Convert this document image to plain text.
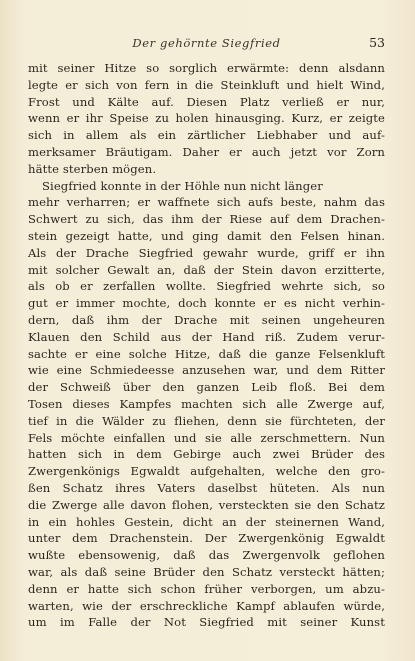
Der gehörnte Siegfried	53
mit seiner Hitze so sorglich erwärmte: denn alsdann
legte er sich von fern in die Steinkluft und hielt Wind,
Frost und Kälte auf. Diesen Platz verließ er nur,
wenn er ihr Speise zu holen hinausging. Kurz, er zeigte
sich in allem als ein zärtlicher Liebhaber und auf-
merksamer Bräutigam. Daher er auch jetzt vor Zorn
hätte sterben mögen.
Siegfried konnte in der Höhle nun nicht länger
mehr verharren; er waffnete sich aufs beste, nahm das
Schwert zu sich, das ihm der Riese auf dem Drachen-
stein gezeigt hatte, und ging damit den Felsen hinan.
Als der Drache Siegfried gewahr wurde, griff er ihn
mit solcher Gewalt an, daß der Stein davon erzitterte,
als ob er zerfallen wollte. Siegfried wehrte sich, so
gut er immer mochte, doch konnte er es nicht verhin-
dern, daß ihm der Drache mit seinen ungeheuren
Klauen den Schild aus der Hand riß. Zudem verur-
sachte er eine solche Hitze, daß die ganze Felsenkluft
wie eine Schmiedeesse anzusehen war, und dem Ritter
der Schweiß über den ganzen Leib floß. Bei dem
Tosen dieses Kampfes machten sich alle Zwerge auf,
tief in die Wälder zu fliehen, denn sie fürchteten, der
Fels möchte einfallen und sie alle zerschmettern. Nun
hatten sich in dem Gebirge auch zwei Brüder des
Zwergenkönigs Egwaldt aufgehalten, welche den gro-
ßen Schatz ihres Vaters daselbst hüteten. Als nun
die Zwerge alle davon flohen, versteckten sie den Schatz
in ein hohles Gestein, dicht an der steinernen Wand,
unter dem Drachenstein. Der Zwergenkönig Egwaldt
wußte ebensowenig, daß das Zwergenvolk geflohen
war, als daß seine Brüder den Schatz versteckt hätten;
denn er hatte sich schon früher verborgen, um abzu-
warten, wie der erschreckliche Kampf ablaufen würde,
um im Falle der Not Siegfried mit seiner Kunst
